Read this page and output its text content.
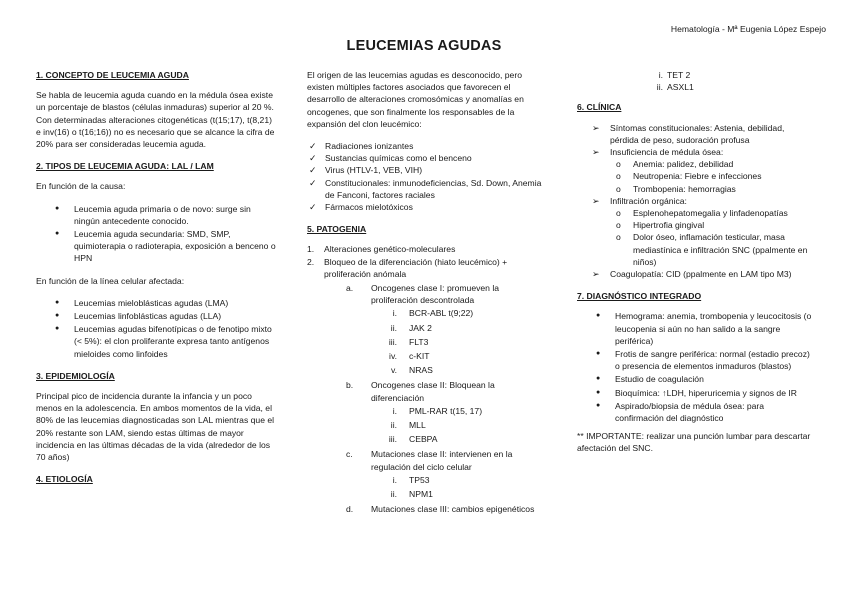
Hematología - Mª Eugenia López Espejo
LEUCEMIAS AGUDAS
1. CONCEPTO DE LEUCEMIA AGUDA

Se habla de leucemia aguda cuando en la médula ósea existe un porcentaje de blastos (células inmaduras) superior al 20 %. Con determinadas alteraciones citogenéticas (t(15;17), t(8,21) e inv(16) o t(16;16)) no es necesario que se alcance la cifra de 20% para ser consideradas leucemia aguda.

2. TIPOS DE LEUCEMIA AGUDA: LAL / LAM

En función de la causa:

● Leucemia aguda primaria o de novo: surge sin ningún antecedente conocido.
● Leucemia aguda secundaria: SMD, SMP, quimioterapia o radioterapia, exposición a benceno o HPN

En función de la línea celular afectada:

● Leucemias mieloblásticas agudas (LMA)
● Leucemias linfoblásticas agudas (LLA)
● Leucemias agudas bifenotípicas o de fenotipo mixto (< 5%): el clon proliferante expresa tanto antígenos mieloides como linfoides
3. EPIDEMIOLOGÍA

Principal pico de incidencia durante la infancia y un poco menos en la adolescencia. En ambos momentos de la vida, el 80% de las leucemias diagnosticadas son LAL mientras que el 20% restante son LAM, siendo estas últimas de mayor incidencia en las últimas décadas de la vida (alrededor de los 70 años)

4. ETIOLOGÍA

El origen de las leucemias agudas es desconocido, pero existen múltiples factores asociados que favorecen el desarrollo de alteraciones cromosómicas y anomalías en oncogenes, que son finalmente los responsables de la expansión del clon leucémico:

✓ Radiaciones ionizantes
✓ Sustancias químicas como el benceno
✓ Virus (HTLV-1, VEB, VIH)
✓ Constitucionales: inmunodeficiencias, Sd. Down, Anemia de Fanconi, factores raciales
✓ Fármacos mielotóxicos
5. PATOGENIA
1. Alteraciones genético-moleculares
2. Bloqueo de la diferenciación (hiato leucémico) + proliferación anómala
a. Oncogenes clase I: promueven la proliferación descontrolada
i. BCR-ABL t(9;22)
ii. JAK 2
iii. FLT3
iv. c-KIT
v. NRAS
b. Oncogenes clase II: Bloquean la diferenciación
i. PML-RAR t(15, 17)
ii. MLL
iii. CEBPA
c. Mutaciones clase II: intervienen en la regulación del ciclo celular
i. TP53
ii. NPM1
d. Mutaciones clase III: cambios epigenéticos
i. TET 2
ii. ASXL1
6. CLÍNICA
➢ Síntomas constitucionales: Astenia, debilidad, pérdida de peso, sudoración profusa
➢ Insuficiencia de médula ósea:
o Anemia: palidez, debilidad
o Neutropenia: Fiebre e infecciones
o Trombopenia: hemorragias
➢ Infiltración orgánica:
o Esplenohepatomegalia y linfadenopatías
o Hipertrofia gingival
o Dolor óseo, inflamación testicular, masa mediastínica e infiltración SNC (ppalmente en niños)
➢ Coagulopatía: CID (ppalmente en LAM tipo M3)
7. DIAGNÓSTICO INTEGRADO
● Hemograma: anemia, trombopenia y leucocitosis (o leucopenia si aún no han salido a la sangre periférica)
● Frotis de sangre periférica: normal (estadio precoz) o presencia de elementos inmaduros (blastos)
● Estudio de coagulación
● Bioquímica: ↑LDH, hiperuricemia y signos de IR
● Aspirado/biopsia de médula ósea: para confirmación del diagnóstico

** IMPORTANTE: realizar una punción lumbar para descartar afectación del SNC.
